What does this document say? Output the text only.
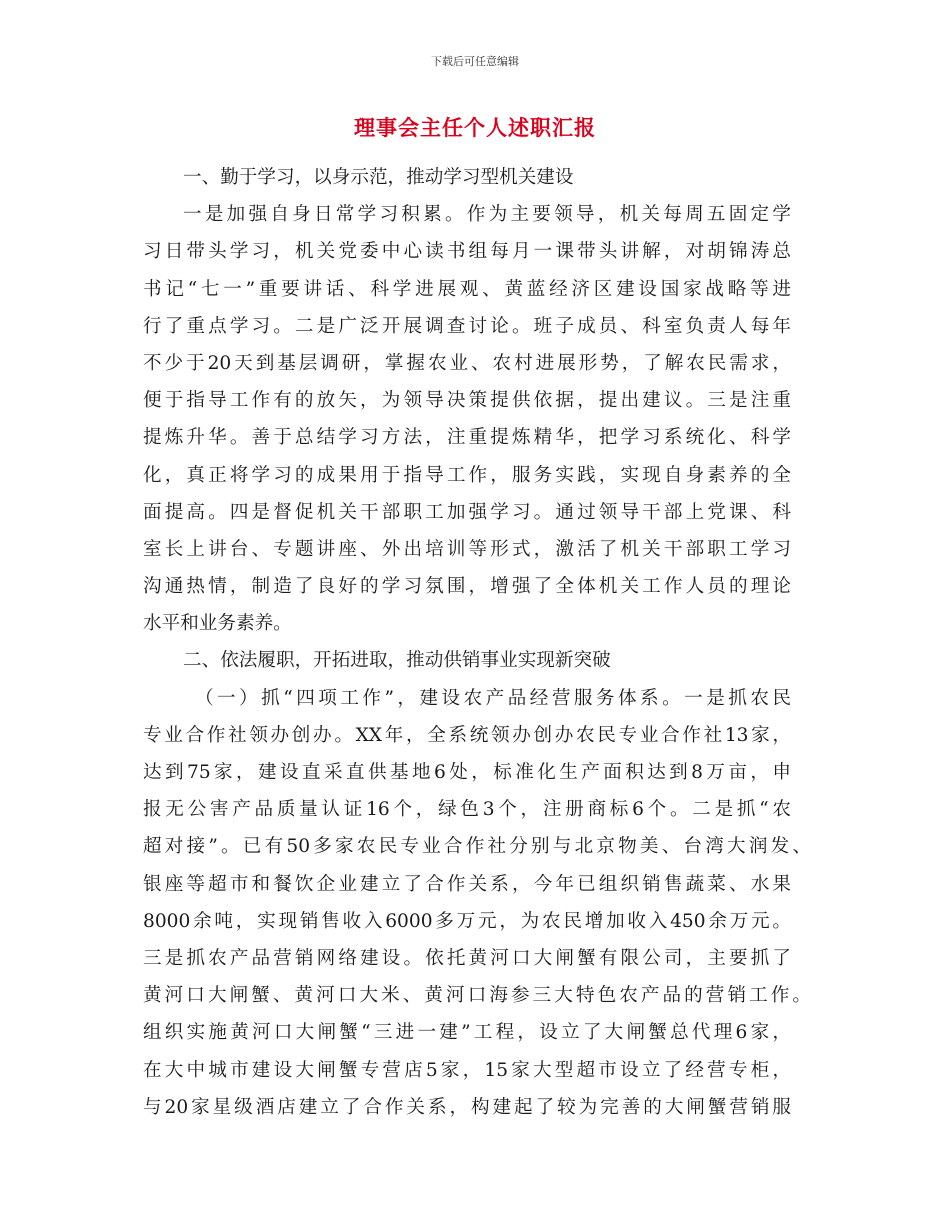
下载后可任意编辑
理事会主任个人述职汇报
一、勤于学习，以身示范，推动学习型机关建设
一是加强自身日常学习积累。作为主要领导，机关每周五固定学
习日带头学习，机关党委中心读书组每月一课带头讲解，对胡锦涛总
书记“七一”重要讲话、科学进展观、黄蓝经济区建设国家战略等进
行了重点学习。二是广泛开展调查讨论。班子成员、科室负责人每年
不少于20天到基层调研，掌握农业、农村进展形势，了解农民需求，
便于指导工作有的放矢，为领导决策提供依据，提出建议。三是注重
提炼升华。善于总结学习方法，注重提炼精华，把学习系统化、科学
化，真正将学习的成果用于指导工作，服务实践，实现自身素养的全
面提高。四是督促机关干部职工加强学习。通过领导干部上党课、科
室长上讲台、专题讲座、外出培训等形式，激活了机关干部职工学习
沟通热情，制造了良好的学习氛围，增强了全体机关工作人员的理论
水平和业务素养。
二、依法履职，开拓进取，推动供销事业实现新突破
（一）抓“四项工作”，建设农产品经营服务体系。一是抓农民
专业合作社领办创办。XX年，全系统领办创办农民专业合作社13家，
达到75家，建设直采直供基地6处，标准化生产面积达到8万亩，申
报无公害产品质量认证16个，绿色3个，注册商标6个。二是抓“农
超对接”。已有50多家农民专业合作社分别与北京物美、台湾大润发、
银座等超市和餐饮企业建立了合作关系，今年已组织销售蔬菜、水果
8000余吨，实现销售收入6000多万元，为农民增加收入450余万元。
三是抓农产品营销网络建设。依托黄河口大闸蟹有限公司，主要抓了
黄河口大闸蟹、黄河口大米、黄河口海参三大特色农产品的营销工作。
组织实施黄河口大闸蟹“三进一建”工程，设立了大闸蟹总代理6家，
在大中城市建设大闸蟹专营店5家，15家大型超市设立了经营专柜，
与20家星级酒店建立了合作关系，构建起了较为完善的大闸蟹营销服
